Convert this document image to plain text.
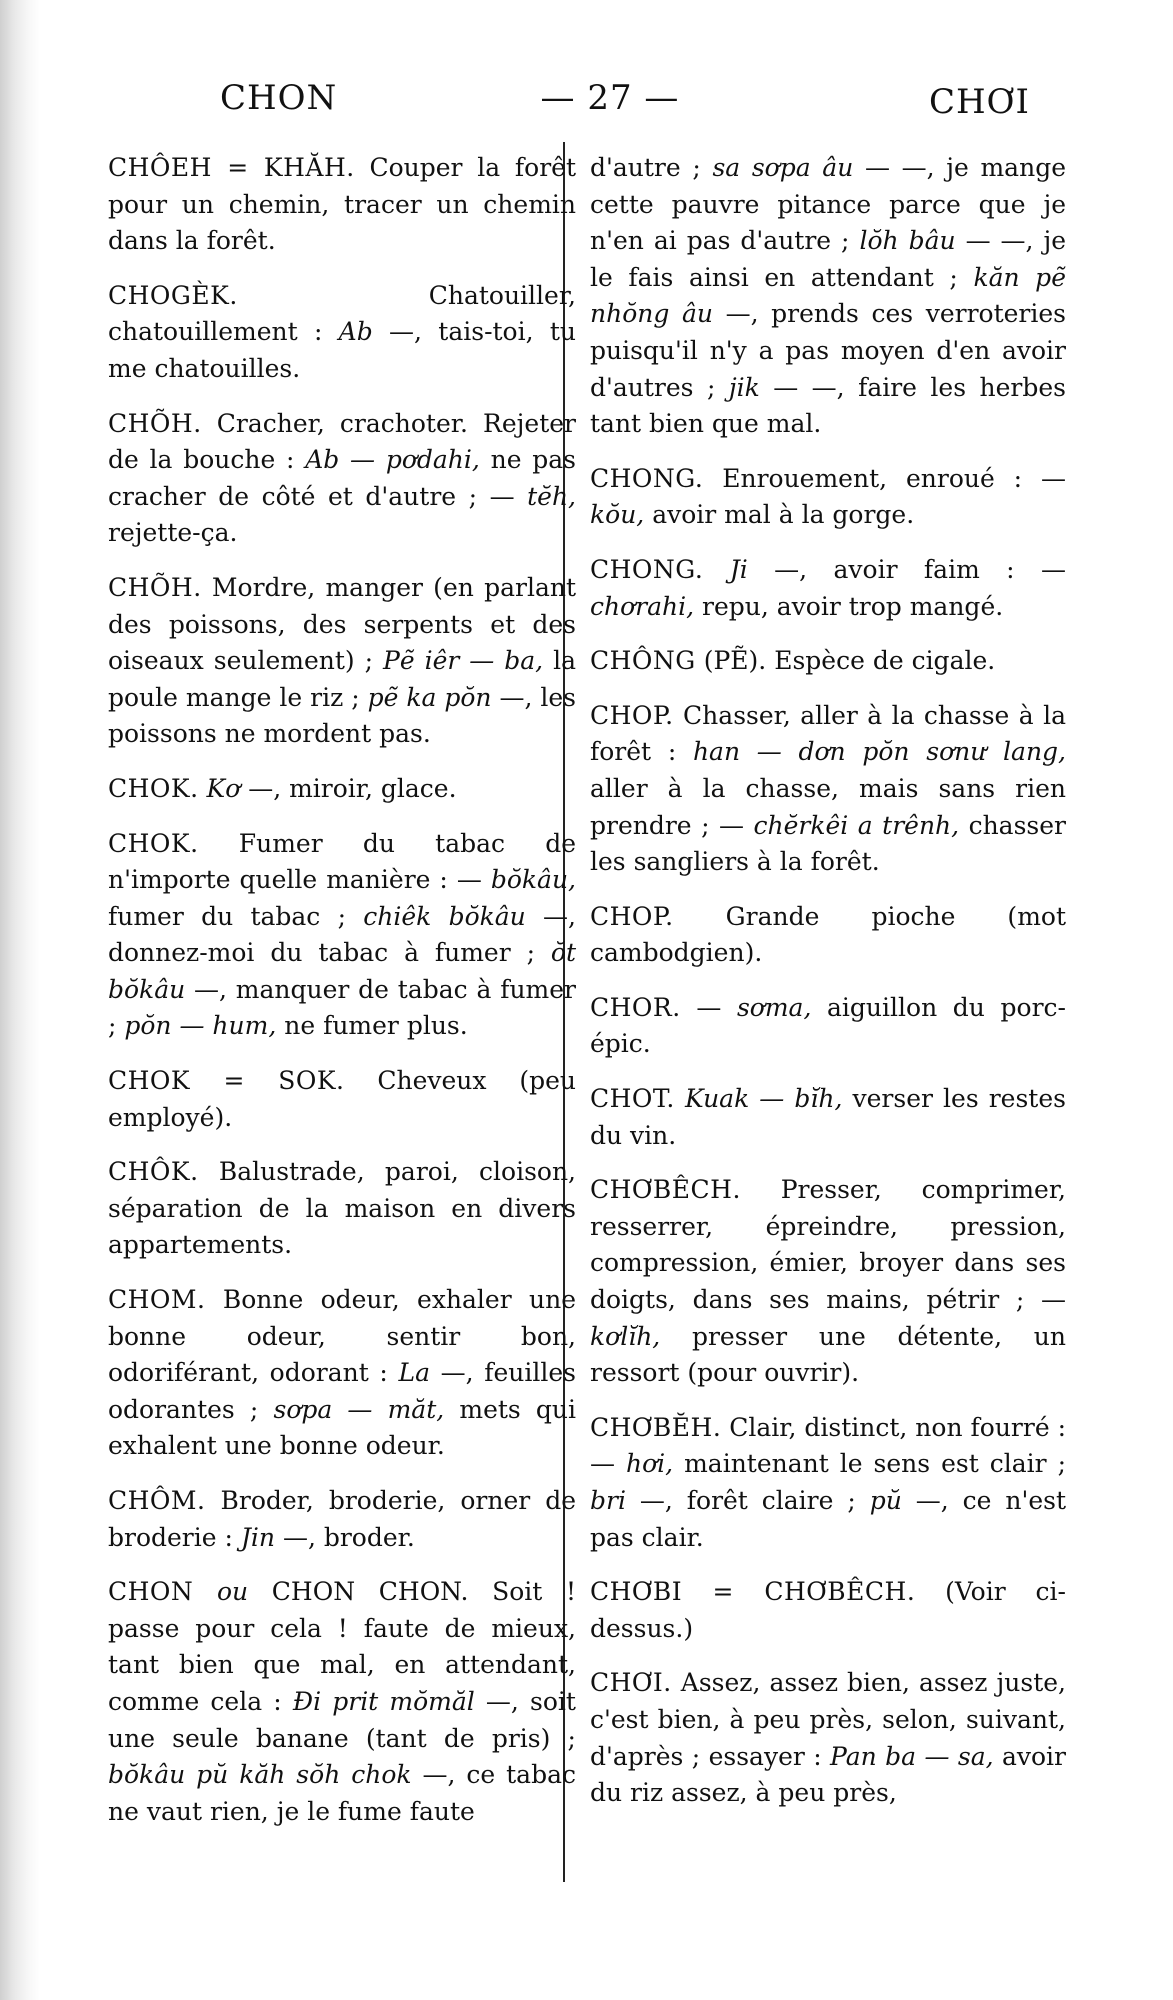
CHON	— 27 —	CHƠI

CHÔEH = KHĂH. Couper la forêt pour un chemin, tracer un chemin dans la forêt.

CHOGÈK. Chatouiller, chatouillement : Ab —, tais-toi, tu me chatouilles.

CHÕH. Cracher, crachoter. Rejeter de la bouche : Ab — pơdahi, ne pas cracher de côté et d'autre ; — tĕh, rejette-ça.

CHÕH. Mordre, manger (en parlant des poissons, des serpents et des oiseaux seulement) ; Pẽ iêr — ba, la poule mange le riz ; pẽ ka pŏn —, les poissons ne mordent pas.

CHOK. Kơ —, miroir, glace.

CHOK. Fumer du tabac de n'importe quelle manière : — bŏkâu, fumer du tabac ; chiêk bŏkâu —, donnez-moi du tabac à fumer ; ŏt bŏkâu —, manquer de tabac à fumer ; pŏn — hum, ne fumer plus.

CHOK = SOK. Cheveux (peu employé).

CHÔK. Balustrade, paroi, cloison, séparation de la maison en divers appartements.

CHOM. Bonne odeur, exhaler une bonne odeur, sentir bon, odoriférant, odorant : La —, feuilles odorantes ; sơpa — măt, mets qui exhalent une bonne odeur.

CHÔM. Broder, broderie, orner de broderie : Jin —, broder.

CHON ou CHON CHON. Soit ! passe pour cela ! faute de mieux, tant bien que mal, en attendant, comme cela : Đi prit mŏmăl —, soit une seule banane (tant de pris) ; bŏkâu pŭ kăh sŏh chok —, ce tabac ne vaut rien, je le fume faute

d'autre ; sa sơpa âu — —, je mange cette pauvre pitance parce que je n'en ai pas d'autre ; lŏh bâu — —, je le fais ainsi en attendant ; kăn pẽ nhŏng âu —, prends ces verroteries puisqu'il n'y a pas moyen d'en avoir d'autres ; jik — —, faire les herbes tant bien que mal.

CHONG. Enrouement, enroué : — kŏu, avoir mal à la gorge.

CHONG. Ji —, avoir faim : — chơrahi, repu, avoir trop mangé.

CHÔNG (PẼ). Espèce de cigale.

CHOP. Chasser, aller à la chasse à la forêt : han — dơn pŏn sơnư lang, aller à la chasse, mais sans rien prendre ; — chĕrkêi a trênh, chasser les sangliers à la forêt.

CHOP. Grande pioche (mot cambodgien).

CHOR. — sơma, aiguillon du porc-épic.

CHOT. Kuak — bĭh, verser les restes du vin.

CHƠBÊCH. Presser, comprimer, resserrer, épreindre, pression, compression, émier, broyer dans ses doigts, dans ses mains, pétrir ; — kơlĭh, presser une détente, un ressort (pour ouvrir).

CHƠBĔH. Clair, distinct, non fourré : — hơi, maintenant le sens est clair ; bri —, forêt claire ; pŭ —, ce n'est pas clair.

CHƠBI = CHƠBÊCH. (Voir ci-dessus.)

CHƠI. Assez, assez bien, assez juste, c'est bien, à peu près, selon, suivant, d'après ; essayer : Pan ba — sa, avoir du riz assez, à peu près,
